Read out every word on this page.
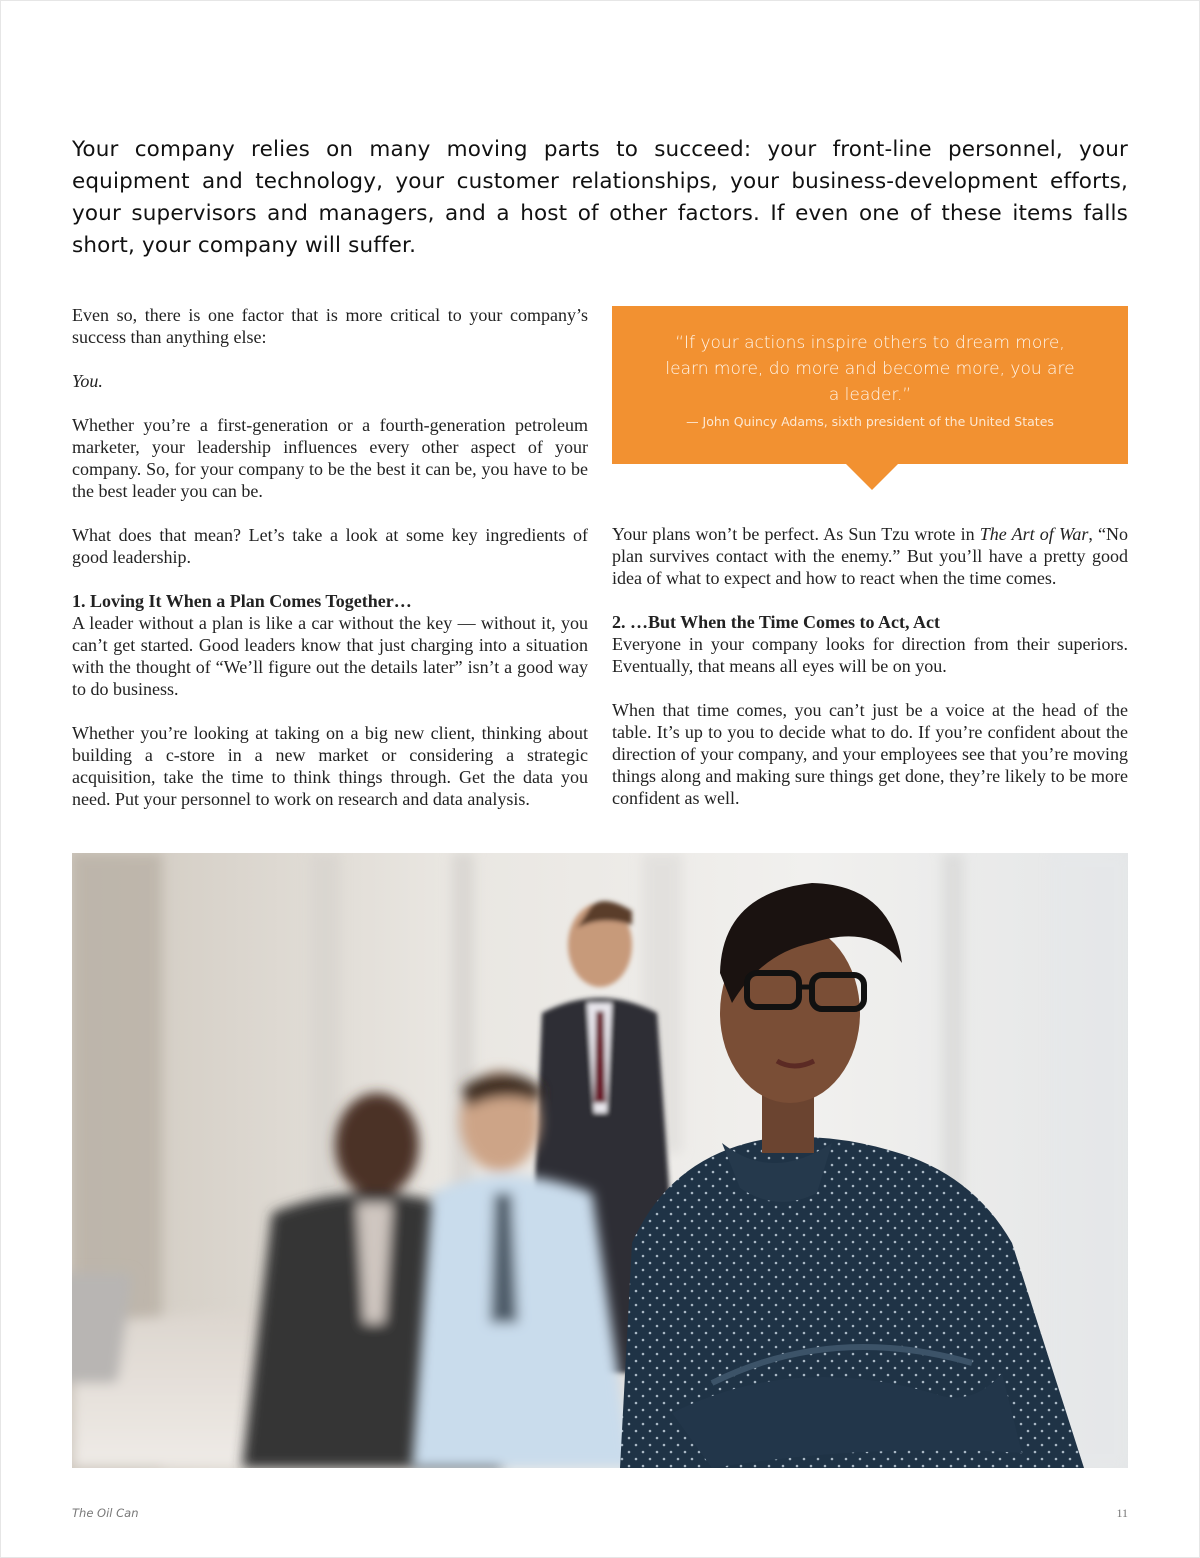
Your company relies on many moving parts to succeed: your front-line personnel, your equipment and technology, your customer relationships, your business-development efforts, your supervisors and managers, and a host of other factors. If even one of these items falls short, your company will suffer.

Even so, there is one factor that is more critical to your company’s success than anything else:

You.

Whether you’re a first-generation or a fourth-generation petroleum marketer, your leadership influences every other aspect of your company. So, for your company to be the best it can be, you have to be the best leader you can be.

What does that mean? Let’s take a look at some key ingredients of good leadership.

1. Loving It When a Plan Comes Together…

A leader without a plan is like a car without the key — without it, you can’t get started. Good leaders know that just charging into a situation with the thought of “We’ll figure out the details later” isn’t a good way to do business.

Whether you’re looking at taking on a big new client, thinking about building a c-store in a new market or considering a strategic acquisition, take the time to think things through. Get the data you need. Put your personnel to work on research and data analysis.

“If your actions inspire others to dream more, learn more, do more and become more, you are a leader.”
— John Quincy Adams, sixth president of the United States

Your plans won’t be perfect. As Sun Tzu wrote in The Art of War, “No plan survives contact with the enemy.” But you’ll have a pretty good idea of what to expect and how to react when the time comes.

2. …But When the Time Comes to Act, Act

Everyone in your company looks for direction from their superiors. Eventually, that means all eyes will be on you.

When that time comes, you can’t just be a voice at the head of the table. It’s up to you to decide what to do. If you’re confident about the direction of your company, and your employees see that you’re moving things along and making sure things get done, they’re likely to be more confident as well.

The Oil Can	11
